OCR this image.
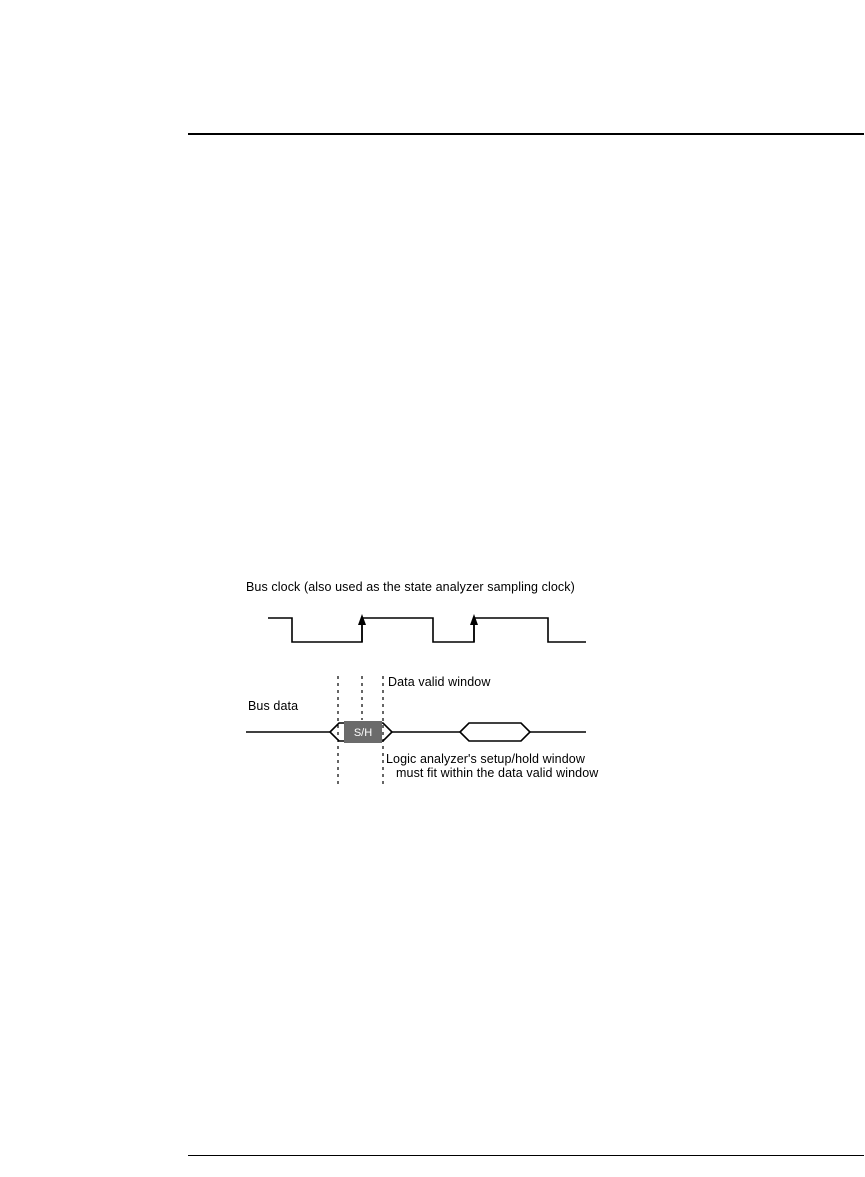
Bus clock (also used as the state analyzer sampling clock)
Bus data
Data valid window
Logic analyzer's setup/hold window
must fit within the data valid window
S/H
